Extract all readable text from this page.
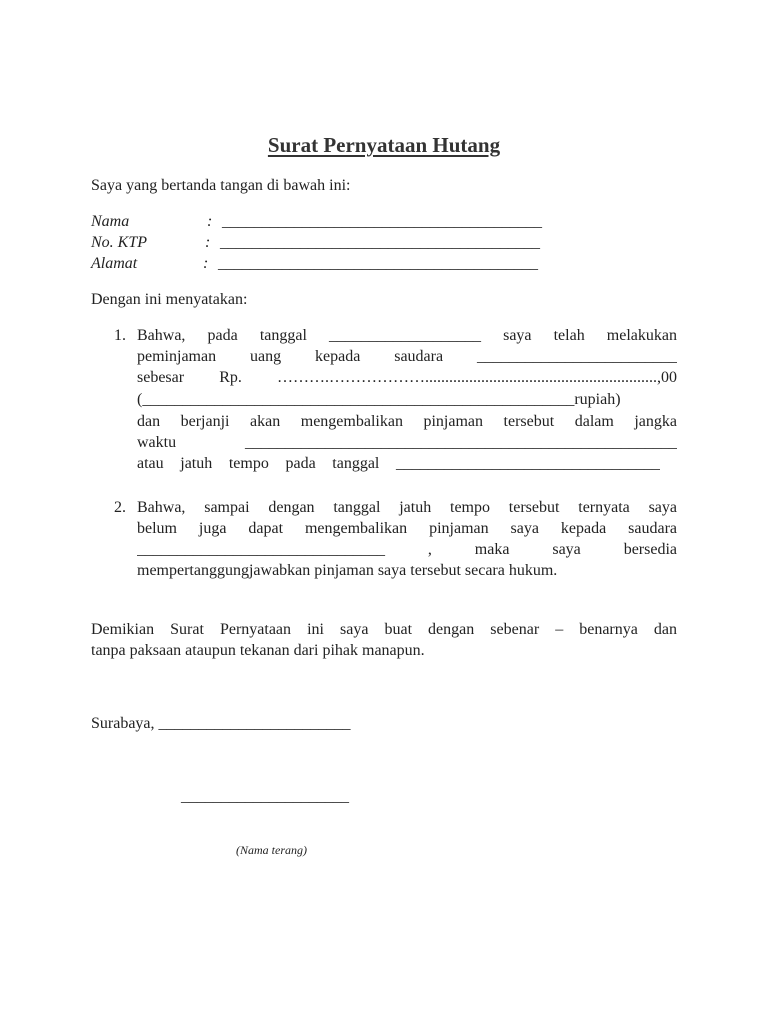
Surat Pernyataan Hutang
Saya yang bertanda tangan di bawah ini:
Nama	: ________________________________________
No. KTP	: ________________________________________
Alamat	: ________________________________________
Dengan ini menyatakan:
1. Bahwa, pada tanggal ___________________ saya telah melakukan
peminjaman uang kepada saudara _________________________
sebesar Rp. ……….………………..........................................................,00
(______________________________________________________rupiah)
dan berjanji akan mengembalikan pinjaman tersebut dalam jangka
waktu ______________________________________________________
atau jatuh tempo pada tanggal _________________________________
2. Bahwa, sampai dengan tanggal jatuh tempo tersebut ternyata saya
belum juga dapat mengembalikan pinjaman saya kepada saudara
_______________________________ , maka saya bersedia
mempertanggungjawabkan pinjaman saya tersebut secara hukum.
Demikian Surat Pernyataan ini saya buat dengan sebenar – benarnya dan
tanpa paksaan ataupun tekanan dari pihak manapun.
Surabaya, ________________________
_____________________
(Nama terang)
